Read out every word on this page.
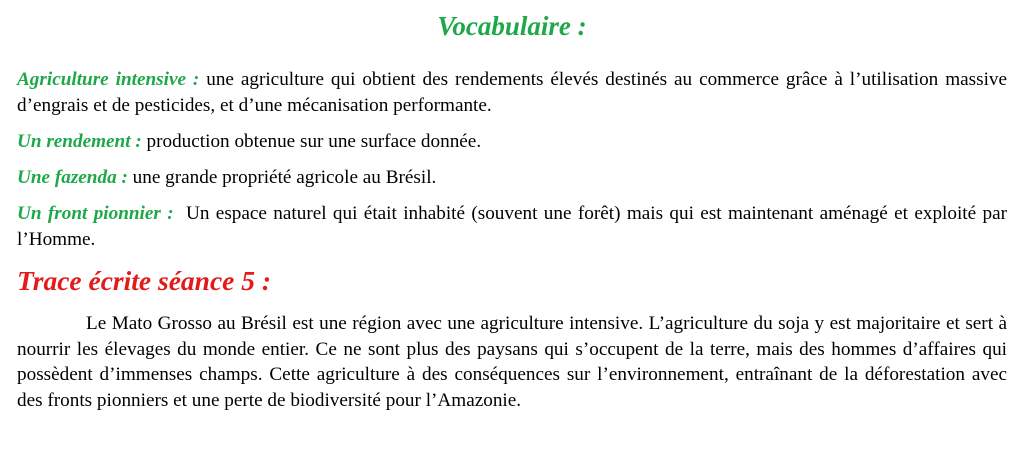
Vocabulaire :

Agriculture intensive : une agriculture qui obtient des rendements élevés destinés au commerce grâce à l’utilisation massive d’engrais et de pesticides, et d’une mécanisation performante.

Un rendement : production obtenue sur une surface donnée.

Une fazenda : une grande propriété agricole au Brésil.

Un front pionnier : Un espace naturel qui était inhabité (souvent une forêt) mais qui est maintenant aménagé et exploité par l’Homme.

Trace écrite séance 5 :

Le Mato Grosso au Brésil est une région avec une agriculture intensive. L’agriculture du soja y est majoritaire et sert à nourrir les élevages du monde entier. Ce ne sont plus des paysans qui s’occupent de la terre, mais des hommes d’affaires qui possèdent d’immenses champs. Cette agriculture à des conséquences sur l’environnement, entraînant de la déforestation avec des fronts pionniers et une perte de biodiversité pour l’Amazonie.
